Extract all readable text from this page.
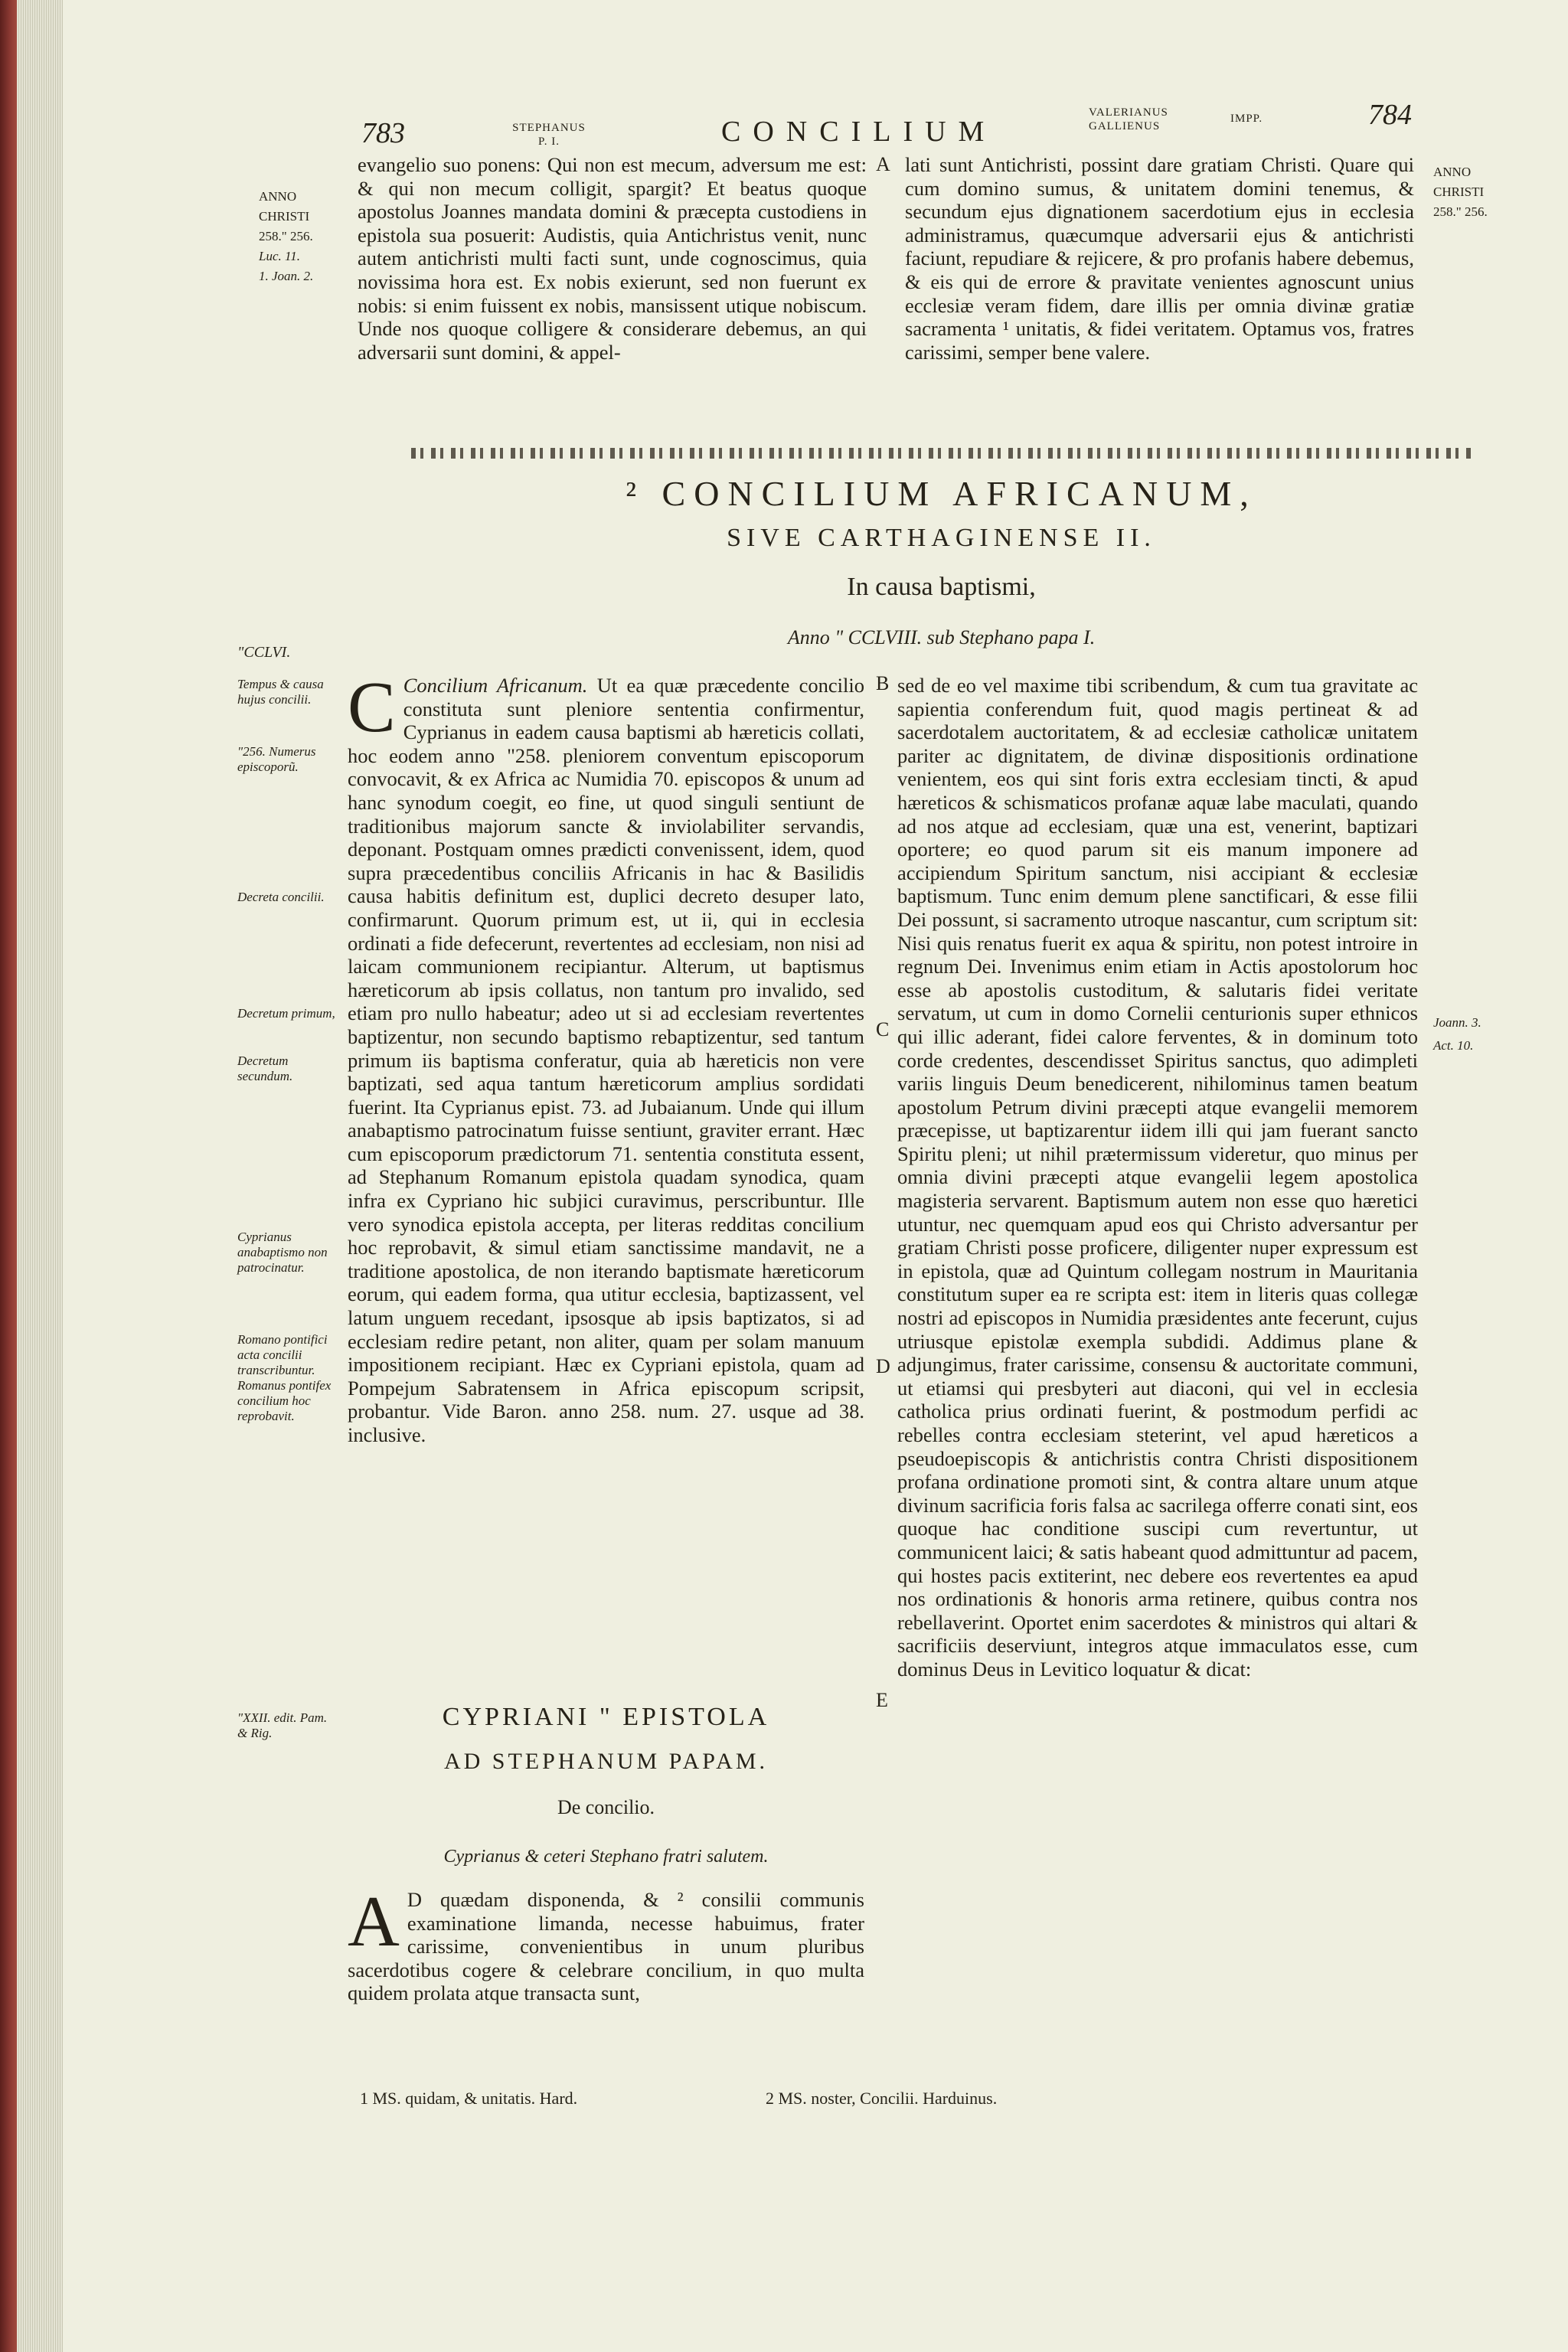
783	STEPHANUS
P. I.	CONCILIUM
VALERIANUS
GALLIENUS
IMPP.	784
ANNO
CHRISTI
258." 256.
Luc. 11.
1. Joan. 2.
ANNO
CHRISTI
258." 256.

evangelio suo ponens: Qui non est mecum, adversum me est: & qui non mecum colligit, spargit? Et beatus quoque apostolus Joannes mandata domini & præcepta custodiens in epistola sua posuerit: Audistis, quia Antichristus venit, nunc autem antichristi multi facti sunt, unde cognoscimus, quia novissima hora est. Ex nobis exierunt, sed non fuerunt ex nobis: si enim fuissent ex nobis, mansissent utique nobiscum. Unde nos quoque colligere & considerare debemus, an qui adversarii sunt domini, & appel-

A lati sunt Antichristi, possint dare gratiam Christi. Quare qui cum domino sumus, & unitatem domini tenemus, & secundum ejus dignationem sacerdotium ejus in ecclesia administramus, quæcumque adversarii ejus & antichristi faciunt, repudiare & rejicere, & pro profanis habere debemus, & eis qui de errore & pravitate venientes agnoscunt unius ecclesiæ veram fidem, dare illis per omnia divinæ gratiæ sacramenta ¹ unitatis, & fidei veritatem. Optamus vos, fratres carissimi, semper bene valere.

² CONCILIUM AFRICANUM,
SIVE CARTHAGINENSE II.
In causa baptismi,
Anno " CCLVIII. sub Stephano papa I.
"CCLVI.
Tempus & causa hujus concilii.
"256. Numerus episcoporũ.
Decreta concilii.
Decretum primum,
Decretum secundum.
Cyprianus anabaptismo non patrocinatur.
Romano pontifici acta concilii transcribuntur. Romanus pontifex concilium hoc reprobavit.
"XXII. edit. Pam. & Rig.
Joann. 3.
Act. 10.
B
C
D
E

C Concilium Africanum. Ut ea quæ præcedente concilio constituta sunt pleniore sententia confirmentur, Cyprianus in eadem causa baptismi ab hæreticis collati, hoc eodem anno "258. pleniorem conventum episcoporum convocavit, & ex Africa ac Numidia 70. episcopos & unum ad hanc synodum coegit, eo fine, ut quod singuli sentiunt de traditionibus majorum sancte & inviolabiliter servandis, deponant. Postquam omnes prædicti convenissent, idem, quod supra præcedentibus conciliis Africanis in hac & Basilidis causa habitis definitum est, duplici decreto desuper lato, confirmarunt. Quorum primum est, ut ii, qui in ecclesia ordinati a fide defecerunt, revertentes ad ecclesiam, non nisi ad laicam communionem recipiantur. Alterum, ut baptismus hæreticorum ab ipsis collatus, non tantum pro invalido, sed etiam pro nullo habeatur; adeo ut si ad ecclesiam revertentes baptizentur, non secundo baptismo rebaptizentur, sed tantum primum iis baptisma conferatur, quia ab hæreticis non vere baptizati, sed aqua tantum hæreticorum amplius sordidati fuerint. Ita Cyprianus epist. 73. ad Jubaianum. Unde qui illum anabaptismo patrocinatum fuisse sentiunt, graviter errant. Hæc cum episcoporum prædictorum 71. sententia constituta essent, ad Stephanum Romanum epistola quadam synodica, quam infra ex Cypriano hic subjici curavimus, perscribuntur. Ille vero synodica epistola accepta, per literas redditas concilium hoc reprobavit, & simul etiam sanctissime mandavit, ne a traditione apostolica, de non iterando baptismate hæreticorum eorum, qui eadem forma, qua utitur ecclesia, baptizassent, vel latum unguem recedant, ipsosque ab ipsis baptizatos, si ad ecclesiam redire petant, non aliter, quam per solam manuum impositionem recipiant. Hæc ex Cypriani epistola, quam ad Pompejum Sabratensem in Africa episcopum scripsit, probantur. Vide Baron. anno 258. num. 27. usque ad 38. inclusive.

CYPRIANI " EPISTOLA
AD STEPHANUM PAPAM.
De concilio.
Cyprianus & ceteri Stephano fratri salutem.

A D quædam disponenda, & ² consilii communis examinatione limanda, necesse habuimus, frater carissime, convenientibus in unum pluribus sacerdotibus cogere & celebrare concilium, in quo multa quidem prolata atque transacta sunt,

sed de eo vel maxime tibi scribendum, & cum tua gravitate ac sapientia conferendum fuit, quod magis pertineat & ad sacerdotalem auctoritatem, & ad ecclesiæ catholicæ unitatem pariter ac dignitatem, de divinæ dispositionis ordinatione venientem, eos qui sint foris extra ecclesiam tincti, & apud hæreticos & schismaticos profanæ aquæ labe maculati, quando ad nos atque ad ecclesiam, quæ una est, venerint, baptizari oportere; eo quod parum sit eis manum imponere ad accipiendum Spiritum sanctum, nisi accipiant & ecclesiæ baptismum. Tunc enim demum plene sanctificari, & esse filii Dei possunt, si sacramento utroque nascantur, cum scriptum sit: Nisi quis renatus fuerit ex aqua & spiritu, non potest introire in regnum Dei. Invenimus enim etiam in Actis apostolorum hoc esse ab apostolis custoditum, & salutaris fidei veritate servatum, ut cum in domo Cornelii centurionis super ethnicos qui illic aderant, fidei calore ferventes, & in dominum toto corde credentes, descendisset Spiritus sanctus, quo adimpleti variis linguis Deum benedicerent, nihilominus tamen beatum apostolum Petrum divini præcepti atque evangelii memorem præcepisse, ut baptizarentur iidem illi qui jam fuerant sancto Spiritu pleni; ut nihil prætermissum videretur, quo minus per omnia divini præcepti atque evangelii legem apostolica magisteria servarent. Baptismum autem non esse quo hæretici utuntur, nec quemquam apud eos qui Christo adversantur per gratiam Christi posse proficere, diligenter nuper expressum est in epistola, quæ ad Quintum collegam nostrum in Mauritania constitutum super ea re scripta est: item in literis quas collegæ nostri ad episcopos in Numidia præsidentes ante fecerunt, cujus utriusque epistolæ exempla subdidi. Addimus plane & adjungimus, frater carissime, consensu & auctoritate communi, ut etiamsi qui presbyteri aut diaconi, qui vel in ecclesia catholica prius ordinati fuerint, & postmodum perfidi ac rebelles contra ecclesiam steterint, vel apud hæreticos a pseudoepiscopis & antichristis contra Christi dispositionem profana ordinatione promoti sint, & contra altare unum atque divinum sacrificia foris falsa ac sacrilega offerre conati sint, eos quoque hac conditione suscipi cum revertuntur, ut communicent laici; & satis habeant quod admittuntur ad pacem, qui hostes pacis extiterint, nec debere eos revertentes ea apud nos ordinationis & honoris arma retinere, quibus contra nos rebellaverint. Oportet enim sacerdotes & ministros qui altari & sacrificiis deserviunt, integros atque immaculatos esse, cum dominus Deus in Levitico loquatur & dicat:

1 MS. quidam, & unitatis. Hard.	2 MS. noster, Concilii. Harduinus.
